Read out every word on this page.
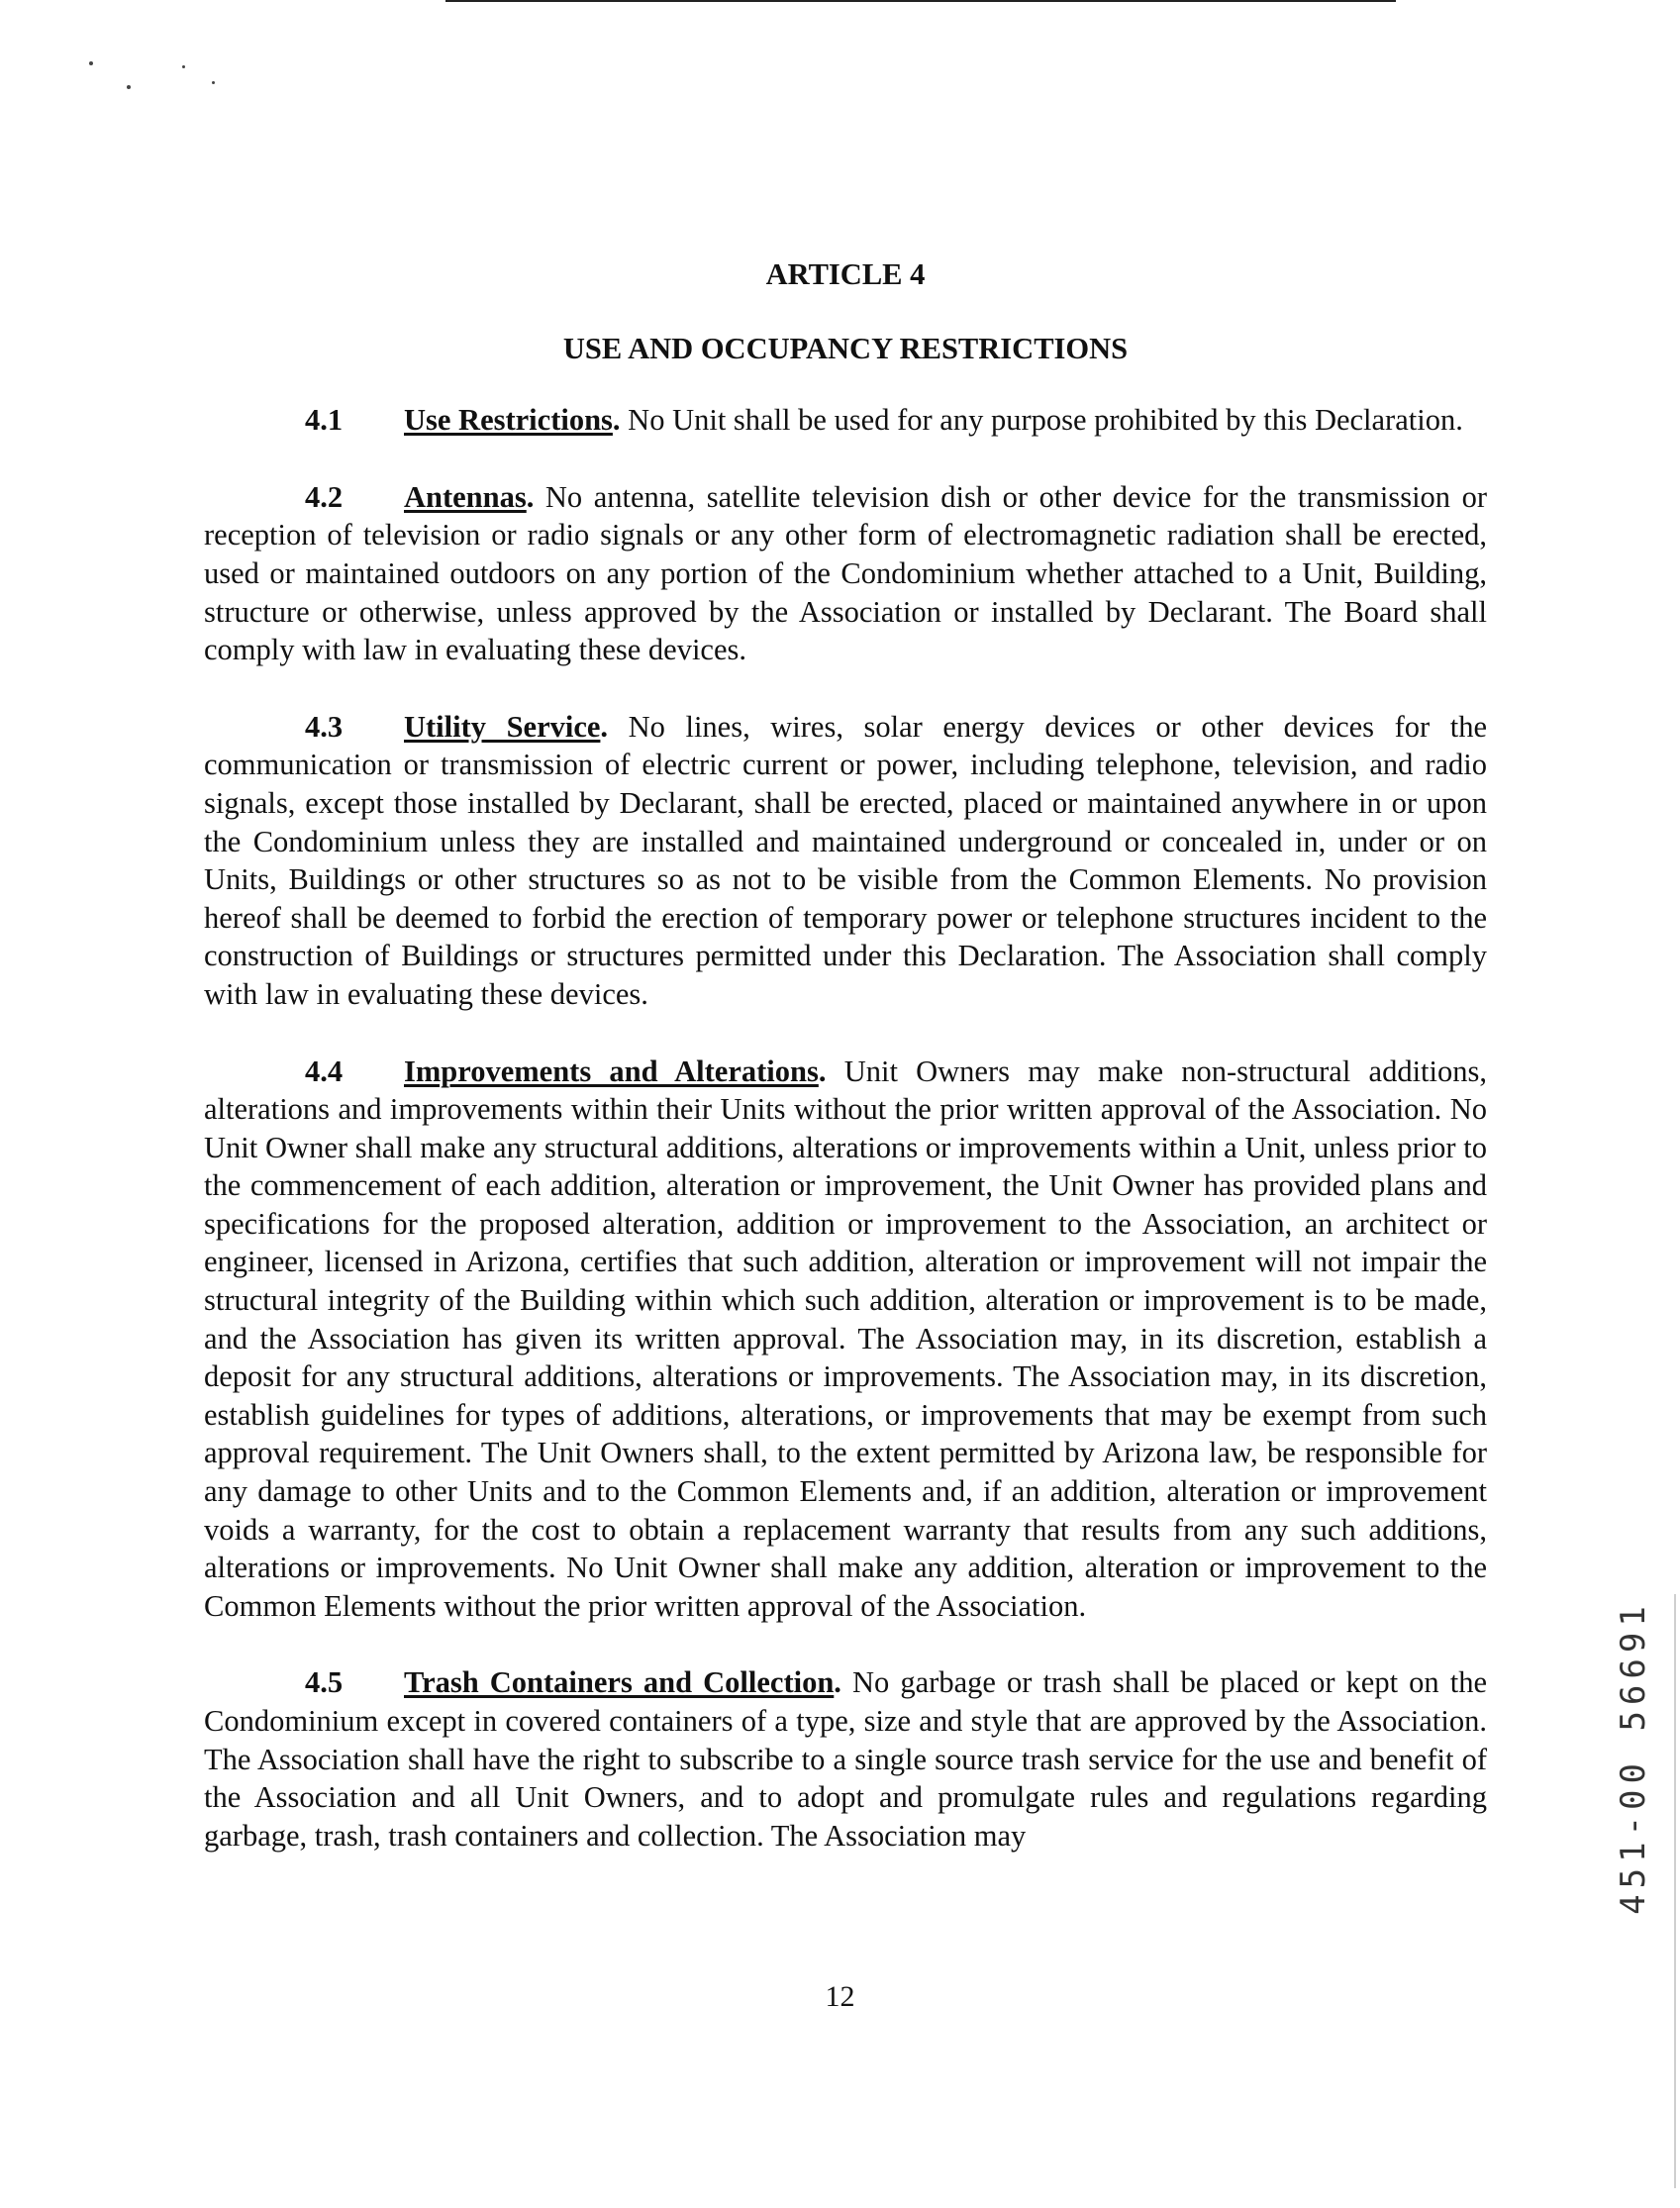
ARTICLE 4

USE AND OCCUPANCY RESTRICTIONS

4.1 Use Restrictions. No Unit shall be used for any purpose prohibited by this Declaration.

4.2 Antennas. No antenna, satellite television dish or other device for the transmission or reception of television or radio signals or any other form of electromagnetic radiation shall be erected, used or maintained outdoors on any portion of the Condominium whether attached to a Unit, Building, structure or otherwise, unless approved by the Association or installed by Declarant. The Board shall comply with law in evaluating these devices.

4.3 Utility Service. No lines, wires, solar energy devices or other devices for the communication or transmission of electric current or power, including telephone, television, and radio signals, except those installed by Declarant, shall be erected, placed or maintained anywhere in or upon the Condominium unless they are installed and maintained underground or concealed in, under or on Units, Buildings or other structures so as not to be visible from the Common Elements. No provision hereof shall be deemed to forbid the erection of temporary power or telephone structures incident to the construction of Buildings or structures permitted under this Declaration. The Association shall comply with law in evaluating these devices.

4.4 Improvements and Alterations. Unit Owners may make non-structural additions, alterations and improvements within their Units without the prior written approval of the Association. No Unit Owner shall make any structural additions, alterations or improvements within a Unit, unless prior to the commencement of each addition, alteration or improvement, the Unit Owner has provided plans and specifications for the proposed alteration, addition or improvement to the Association, an architect or engineer, licensed in Arizona, certifies that such addition, alteration or improvement will not impair the structural integrity of the Building within which such addition, alteration or improvement is to be made, and the Association has given its written approval. The Association may, in its discretion, establish a deposit for any structural additions, alterations or improvements. The Association may, in its discretion, establish guidelines for types of additions, alterations, or improvements that may be exempt from such approval requirement. The Unit Owners shall, to the extent permitted by Arizona law, be responsible for any damage to other Units and to the Common Elements and, if an addition, alteration or improvement voids a warranty, for the cost to obtain a replacement warranty that results from any such additions, alterations or improvements. No Unit Owner shall make any addition, alteration or improvement to the Common Elements without the prior written approval of the Association.

4.5 Trash Containers and Collection. No garbage or trash shall be placed or kept on the Condominium except in covered containers of a type, size and style that are approved by the Association. The Association shall have the right to subscribe to a single source trash service for the use and benefit of the Association and all Unit Owners, and to adopt and promulgate rules and regulations regarding garbage, trash, trash containers and collection. The Association may

12
451-00 56691
